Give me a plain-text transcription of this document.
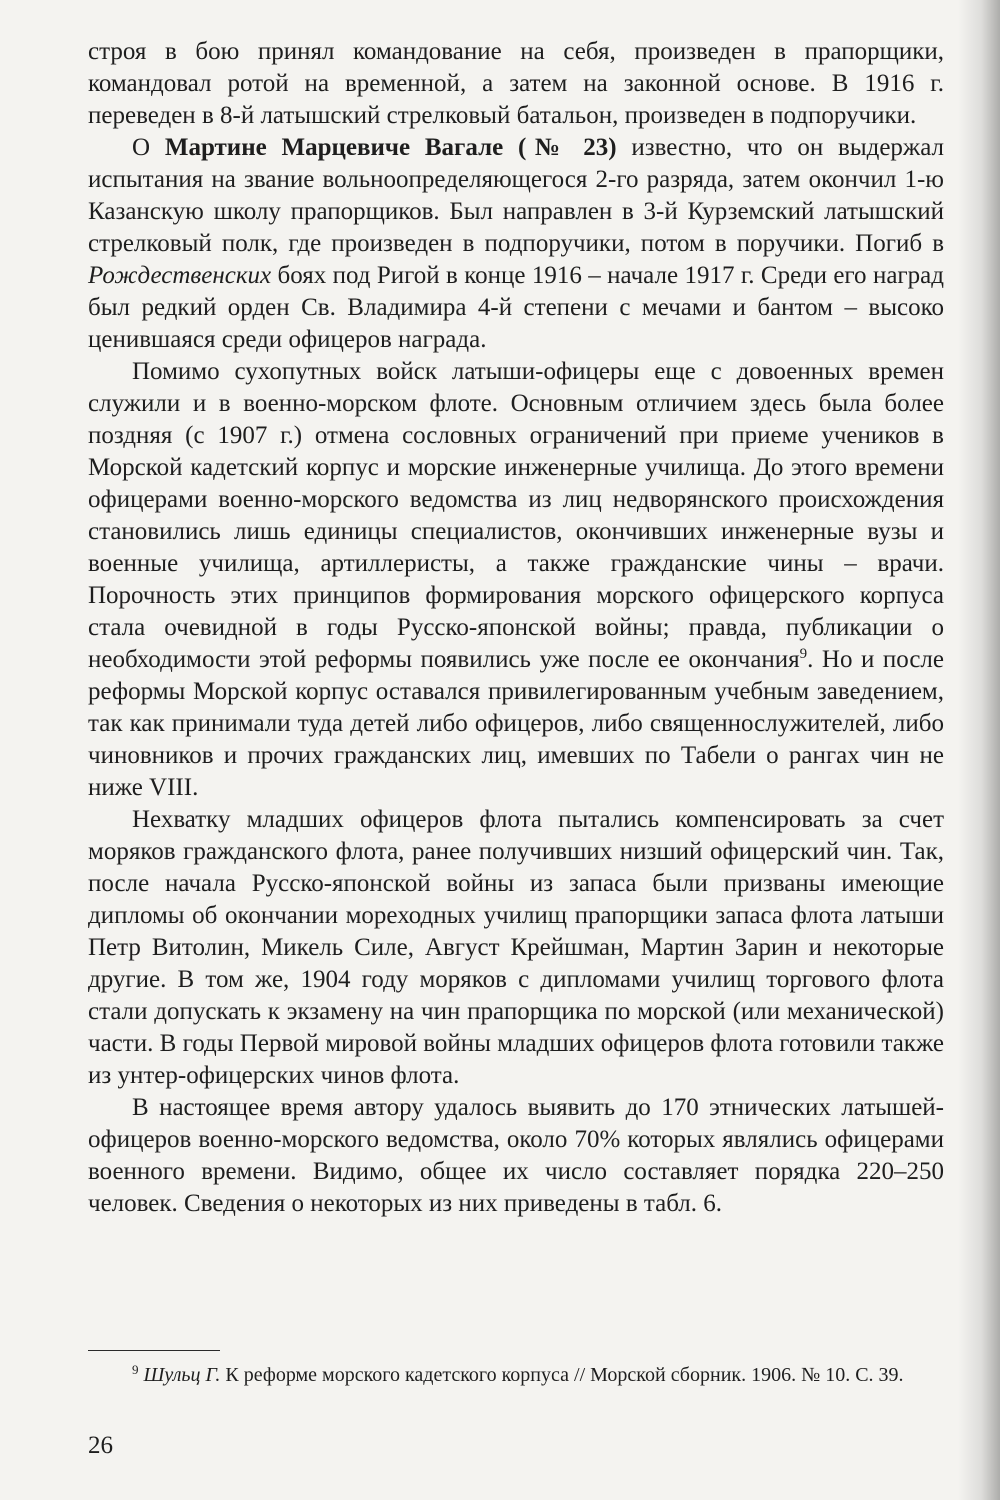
строя в бою принял командование на себя, произведен в прапорщики, командовал ротой на временной, а затем на законной основе. В 1916 г. переведен в 8-й латышский стрелковый батальон, произведен в подпоручики.

О Мартине Марцевиче Вагале (№ 23) известно, что он выдержал испытания на звание вольноопределяющегося 2-го разряда, затем окончил 1-ю Казанскую школу прапорщиков. Был направлен в 3-й Курземский латышский стрелковый полк, где произведен в подпоручики, потом в поручики. Погиб в Рождественских боях под Ригой в конце 1916 – начале 1917 г. Среди его наград был редкий орден Св. Владимира 4-й степени с мечами и бантом – высоко ценившаяся среди офицеров награда.

Помимо сухопутных войск латыши-офицеры еще с довоенных времен служили и в военно-морском флоте. Основным отличием здесь была более поздняя (с 1907 г.) отмена сословных ограничений при приеме учеников в Морской кадетский корпус и морские инженерные училища. До этого времени офицерами военно-морского ведомства из лиц недворянского происхождения становились лишь единицы специалистов, окончивших инженерные вузы и военные училища, артиллеристы, а также гражданские чины – врачи. Порочность этих принципов формирования морского офицерского корпуса стала очевидной в годы Русско-японской войны; правда, публикации о необходимости этой реформы появились уже после ее окончания$^9$. Но и после реформы Морской корпус оставался привилегированным учебным заведением, так как принимали туда детей либо офицеров, либо священнослужителей, либо чиновников и прочих гражданских лиц, имевших по Табели о рангах чин не ниже VIII.

Нехватку младших офицеров флота пытались компенсировать за счет моряков гражданского флота, ранее получивших низший офицерский чин. Так, после начала Русско-японской войны из запаса были призваны имеющие дипломы об окончании мореходных училищ прапорщики запаса флота латыши Петр Витолин, Микель Силе, Август Крейшман, Мартин Зарин и некоторые другие. В том же, 1904 году моряков с дипломами училищ торгового флота стали допускать к экзамену на чин прапорщика по морской (или механической) части. В годы Первой мировой войны младших офицеров флота готовили также из унтер-офицерских чинов флота.

В настоящее время автору удалось выявить до 170 этнических латышей-офицеров военно-морского ведомства, около 70% которых являлись офицерами военного времени. Видимо, общее их число составляет порядка 220–250 человек. Сведения о некоторых из них приведены в табл. 6.

$^9$ Шульц Г. К реформе морского кадетского корпуса // Морской сборник. 1906. № 10. С. 39.

26
